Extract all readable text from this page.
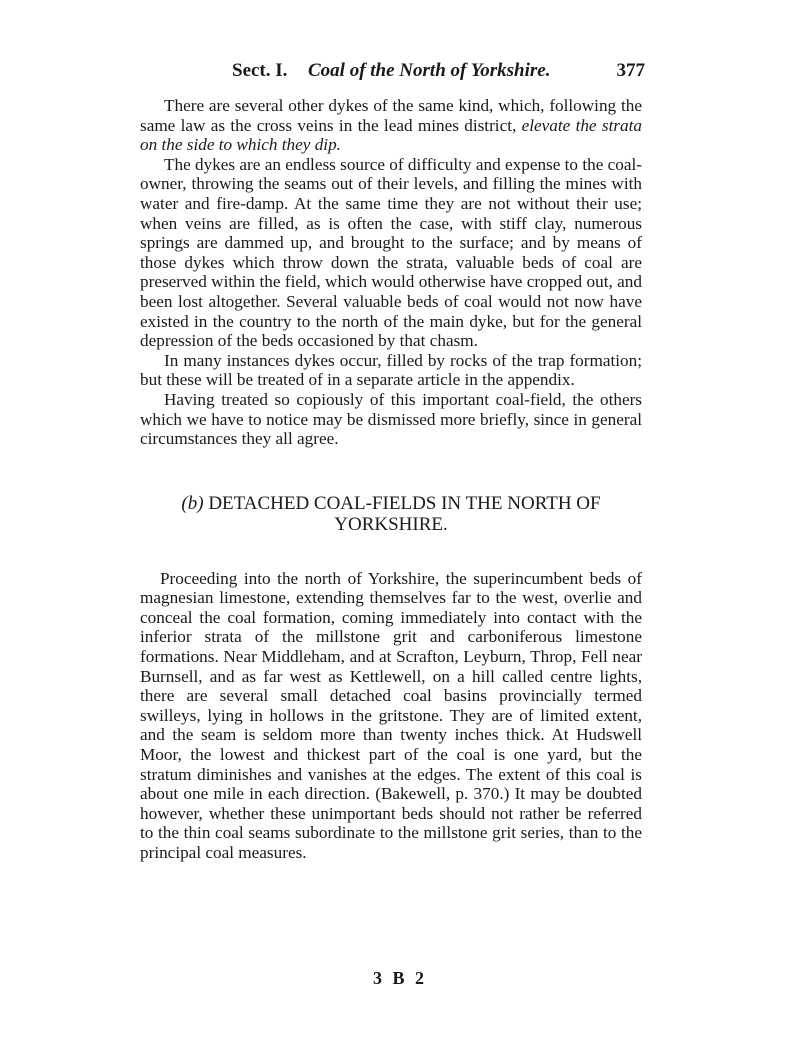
Sect. I. Coal of the North of Yorkshire.	377

There are several other dykes of the same kind, which, following the same law as the cross veins in the lead mines district, elevate the strata on the side to which they dip.

The dykes are an endless source of difficulty and expense to the coal-owner, throwing the seams out of their levels, and filling the mines with water and fire-damp. At the same time they are not without their use; when veins are filled, as is often the case, with stiff clay, numerous springs are dammed up, and brought to the surface; and by means of those dykes which throw down the strata, valuable beds of coal are preserved within the field, which would otherwise have cropped out, and been lost altogether. Several valuable beds of coal would not now have existed in the country to the north of the main dyke, but for the general depression of the beds occasioned by that chasm.

In many instances dykes occur, filled by rocks of the trap formation; but these will be treated of in a separate article in the appendix.

Having treated so copiously of this important coal-field, the others which we have to notice may be dismissed more briefly, since in general circumstances they all agree.

(b) DETACHED COAL-FIELDS IN THE NORTH OF YORKSHIRE.

Proceeding into the north of Yorkshire, the superincumbent beds of magnesian limestone, extending themselves far to the west, overlie and conceal the coal formation, coming immediately into contact with the inferior strata of the millstone grit and carboniferous limestone formations. Near Middleham, and at Scrafton, Leyburn, Throp, Fell near Burnsell, and as far west as Kettlewell, on a hill called centre lights, there are several small detached coal basins provincially termed swilleys, lying in hollows in the gritstone. They are of limited extent, and the seam is seldom more than twenty inches thick. At Hudswell Moor, the lowest and thickest part of the coal is one yard, but the stratum diminishes and vanishes at the edges. The extent of this coal is about one mile in each direction. (Bakewell, p. 370.) It may be doubted however, whether these unimportant beds should not rather be referred to the thin coal seams subordinate to the millstone grit series, than to the principal coal measures.

3 B 2
